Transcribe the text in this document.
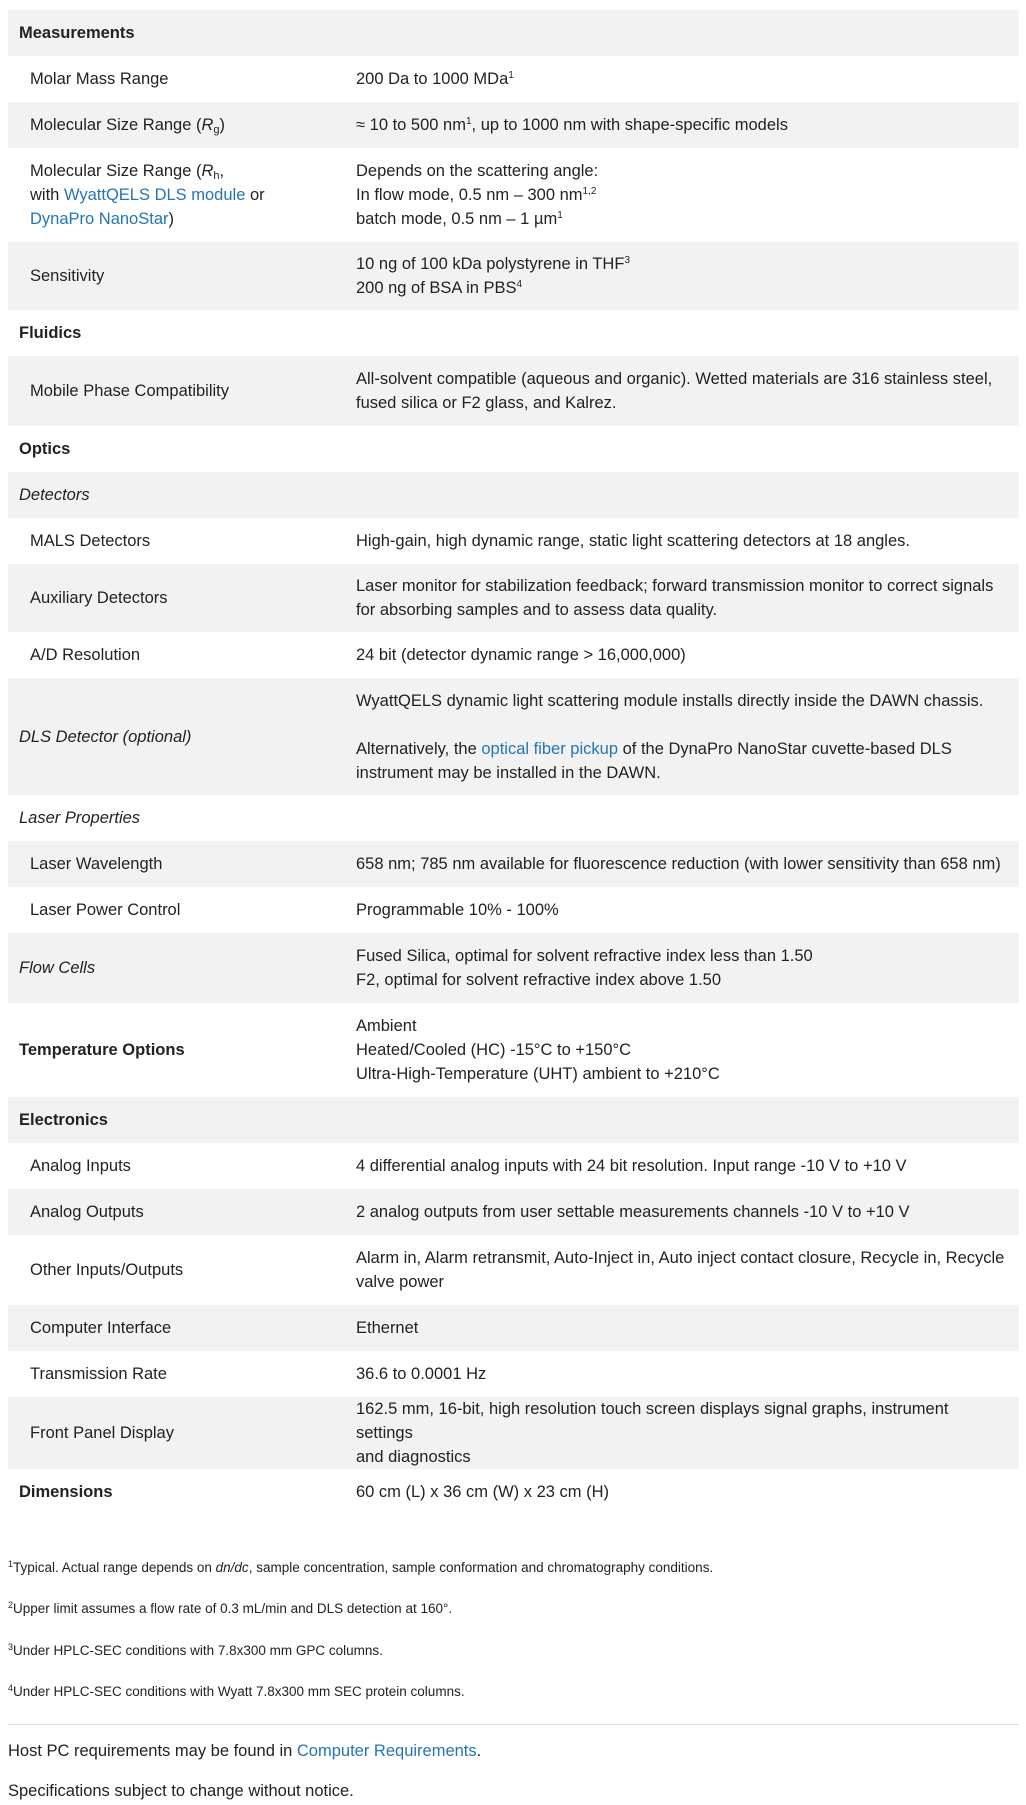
Measurements	
Molar Mass Range	200 Da to 1000 MDa$^1$
Molecular Size Range $(R_g)$	≈ 10 to 500 $nm^1$, up to 1000 nm with shape-specific models

Molecular Size Range ($R_h$,
with WyattQELS DLS module or
DynaPro NanoStar)	Depends on the scattering angle:
In flow mode, 0.5 nm – 300 nm$^{1,2}$
batch mode, 0.5 nm – 1 µm$^1$

Sensitivity	10 ng of 100 kDa polystyrene in THF$^3$
200 ng of BSA in PBS$^4$

Fluidics	
Mobile Phase Compatibility	All-solvent compatible (aqueous and organic). Wetted materials are 316 stainless steel,
fused silica or F2 glass, and Kalrez.

Optics	
Detectors	
MALS Detectors	High-gain, high dynamic range, static light scattering detectors at 18 angles.
Auxiliary Detectors	Laser monitor for stabilization feedback; forward transmission monitor to correct signals
for absorbing samples and to assess data quality.

A/D Resolution	24 bit (detector dynamic range > 16,000,000)
DLS Detector (optional)	WyattQELS dynamic light scattering module installs directly inside the DAWN chassis.
Alternatively, the optical fiber pickup of the DynaPro NanoStar cuvette-based DLS
instrument may be installed in the DAWN.

Laser Properties	
Laser Wavelength	658 nm; 785 nm available for fluorescence reduction (with lower sensitivity than 658 nm)
Laser Power Control	Programmable 10% - 100%
Flow Cells	Fused Silica, optimal for solvent refractive index less than 1.50
F2, optimal for solvent refractive index above 1.50

Temperature Options	Ambient
Heated/Cooled (HC) -15°C to +150°C
Ultra-High-Temperature (UHT) ambient to +210°C

Electronics	
Analog Inputs	4 differential analog inputs with 24 bit resolution. Input range -10 V to +10 V
Analog Outputs	2 analog outputs from user settable measurements channels -10 V to +10 V
Other Inputs/Outputs	Alarm in, Alarm retransmit, Auto-Inject in, Auto inject contact closure, Recycle in, Recycle
valve power

Computer Interface	Ethernet
Transmission Rate	36.6 to 0.0001 Hz
Front Panel Display	162.5 mm, 16-bit, high resolution touch screen displays signal graphs, instrument settings
and diagnostics

Dimensions	60 cm (L) x 36 cm (W) x 23 cm (H)
$^1$Typical. Actual range depends on dn/dc, sample concentration, sample conformation and chromatography conditions.
$^2$Upper limit assumes a flow rate of 0.3 mL/min and DLS detection at 160°.
$^3$Under HPLC-SEC conditions with 7.8x300 mm GPC columns.
$^4$Under HPLC-SEC conditions with Wyatt 7.8x300 mm SEC protein columns.
Host PC requirements may be found in Computer Requirements.
Specifications subject to change without notice.
